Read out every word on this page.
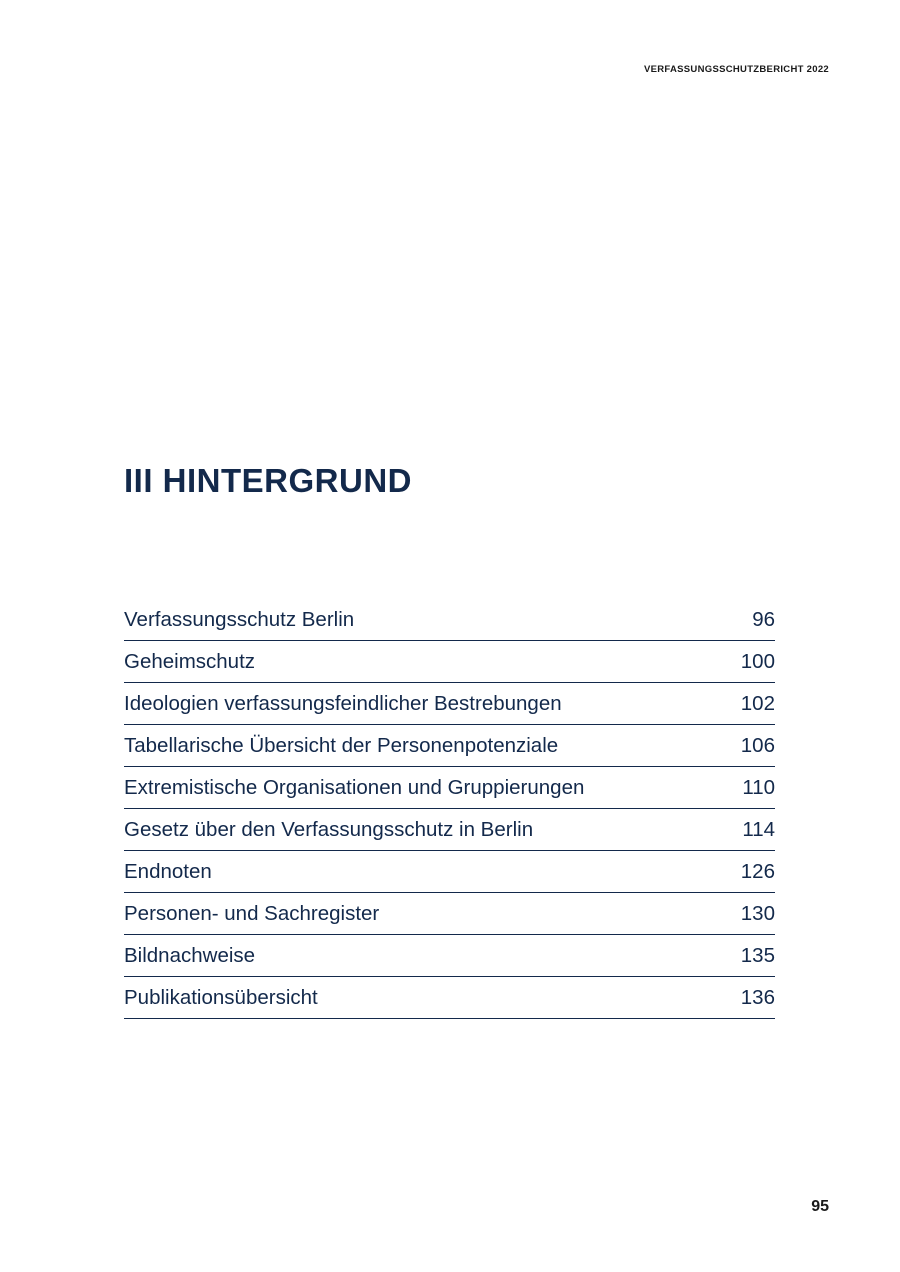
VERFASSUNGSSCHUTZBERICHT 2022
III HINTERGRUND
Verfassungsschutz Berlin	96
Geheimschutz	100
Ideologien verfassungsfeindlicher Bestrebungen	102
Tabellarische Übersicht der Personenpotenziale	106
Extremistische Organisationen und Gruppierungen	110
Gesetz über den Verfassungsschutz in Berlin	114
Endnoten	126
Personen- und Sachregister	130
Bildnachweise	135
Publikationsübersicht	136
95
